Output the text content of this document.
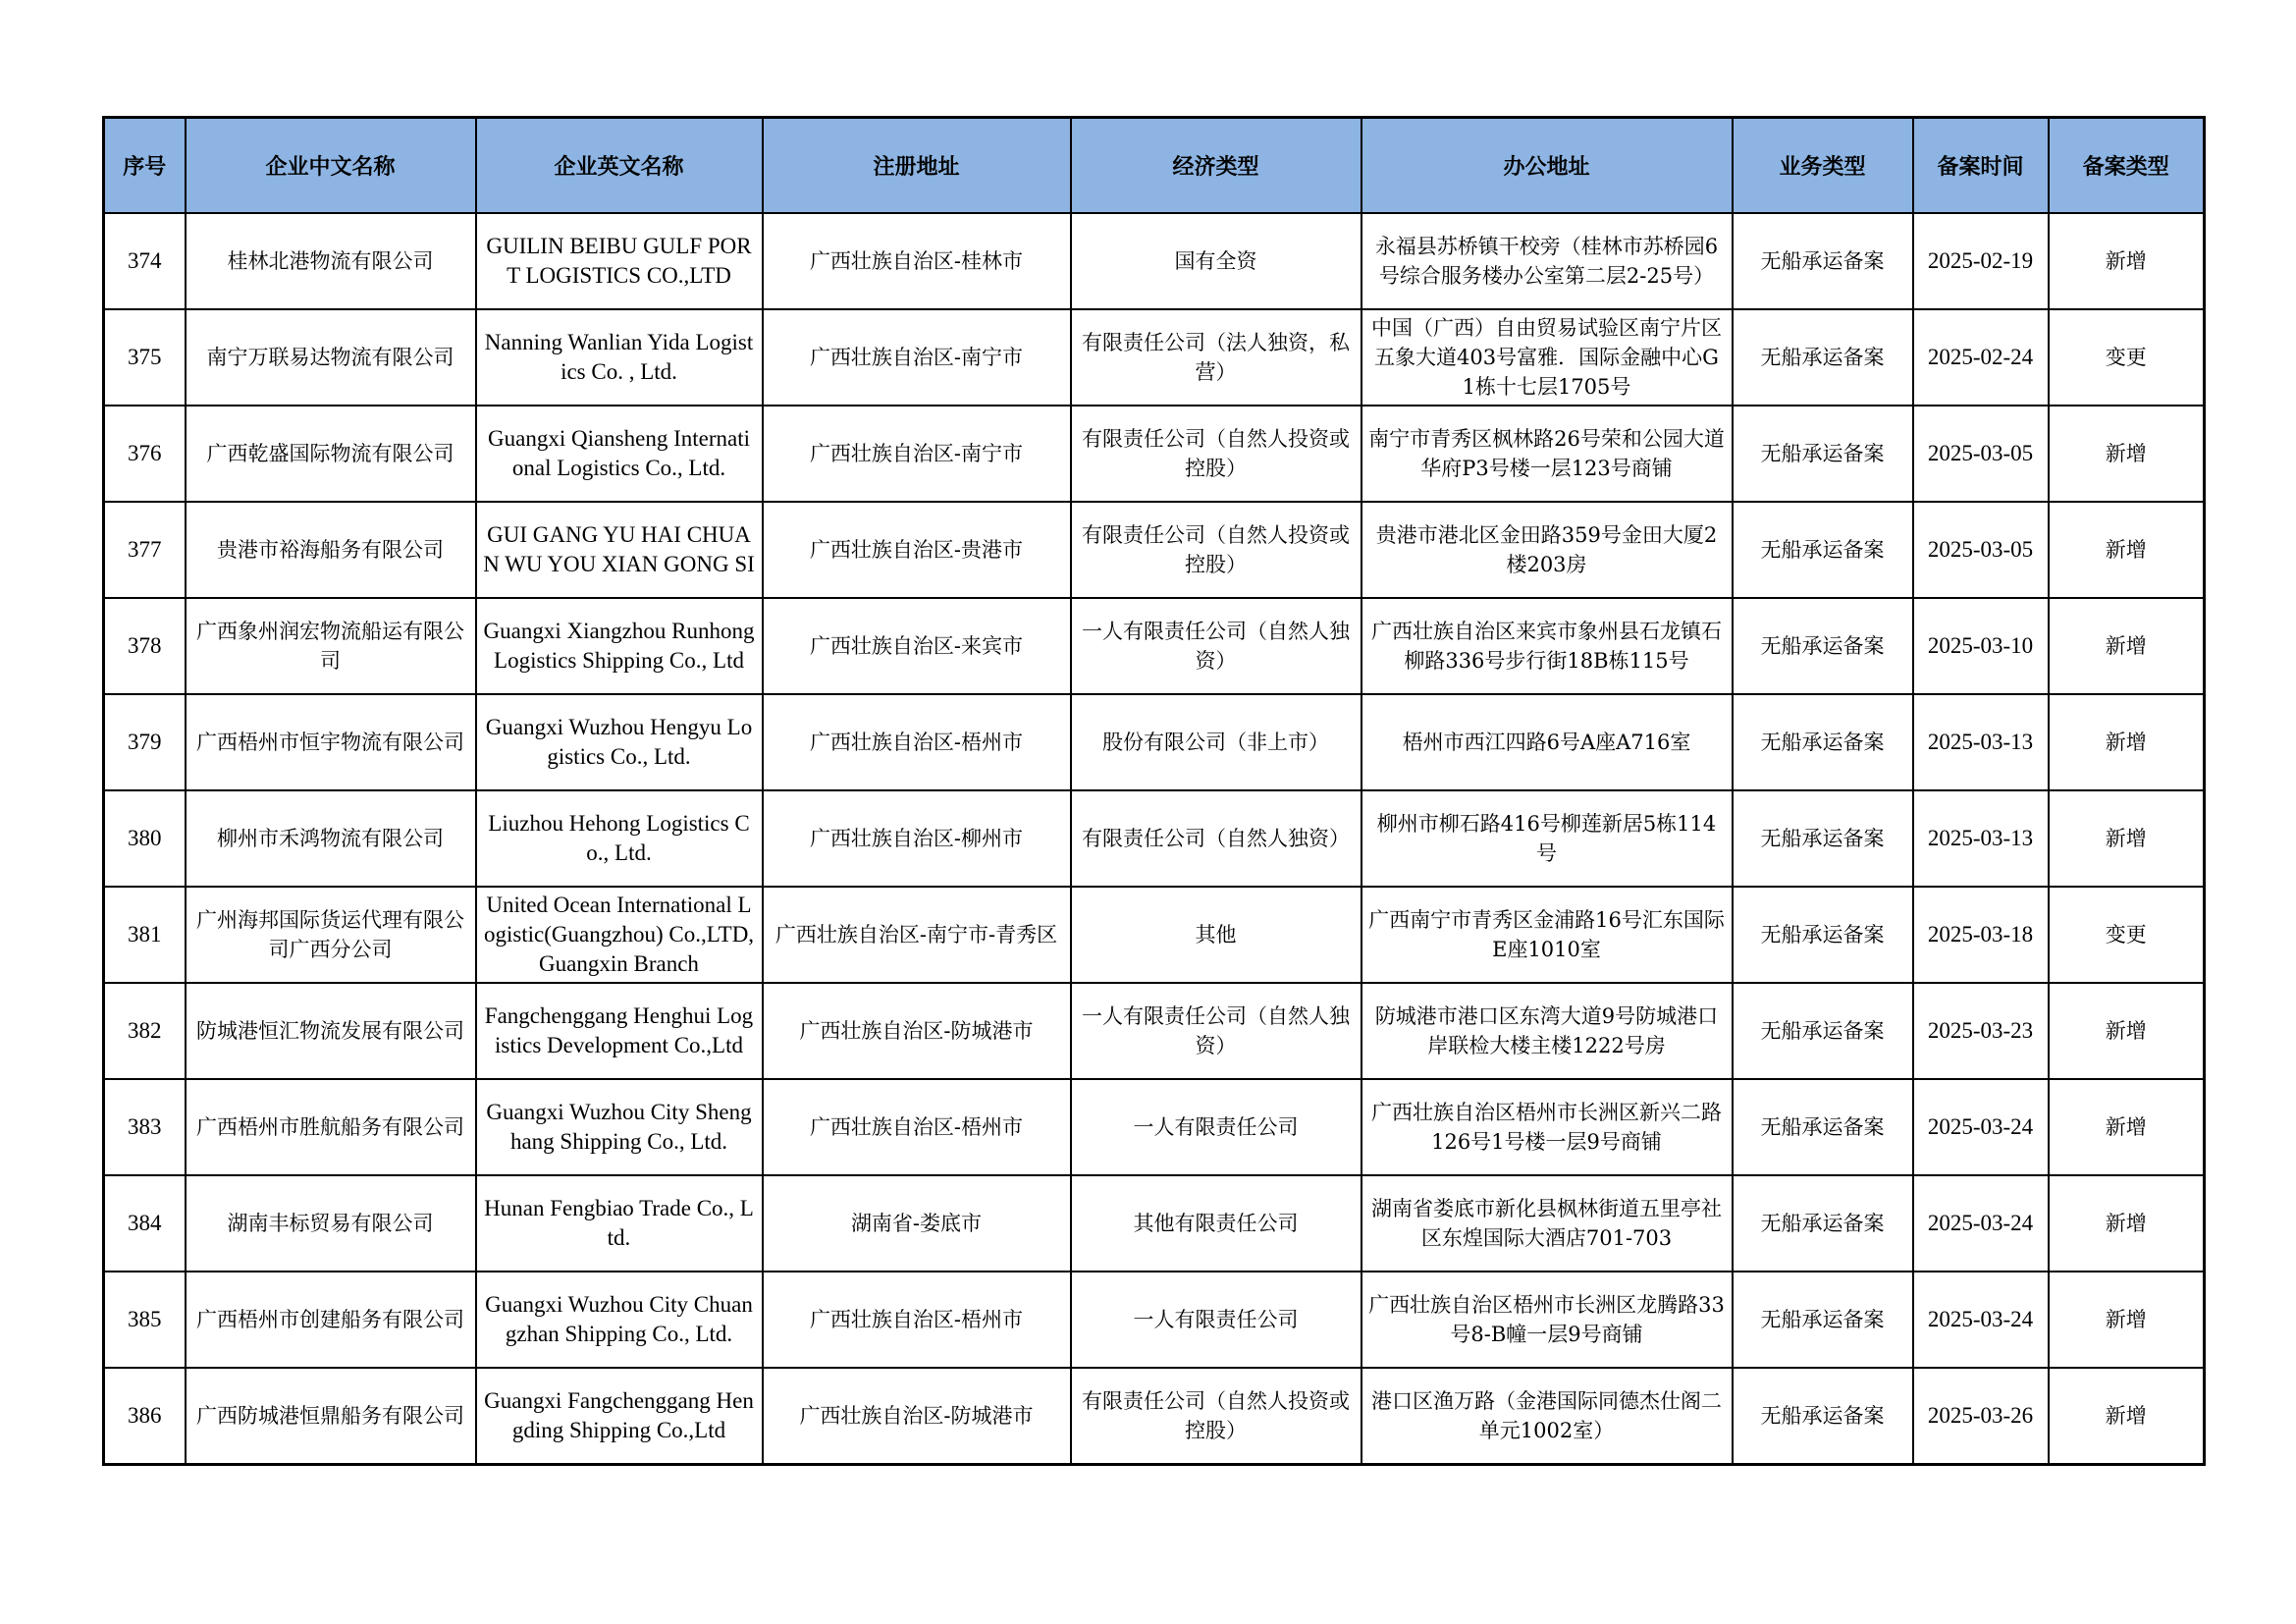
序号	企业中文名称	企业英文名称	注册地址	经济类型	办公地址	业务类型	备案时间	备案类型
374	桂林北港物流有限公司	GUILIN BEIBU GULF PORT LOGISTICS CO.,LTD	广西壮族自治区-桂林市	国有全资	永福县苏桥镇干校旁（桂林市苏桥园6号综合服务楼办公室第二层2-25号）	无船承运备案	2025-02-19	新增
375	南宁万联易达物流有限公司	Nanning Wanlian Yida Logistics Co. , Ltd.	广西壮族自治区-南宁市	有限责任公司（法人独资，私营）	中国（广西）自由贸易试验区南宁片区五象大道403号富雅．国际金融中心G1栋十七层1705号	无船承运备案	2025-02-24	变更
376	广西乾盛国际物流有限公司	Guangxi Qiansheng International Logistics Co., Ltd.	广西壮族自治区-南宁市	有限责任公司（自然人投资或控股）	南宁市青秀区枫林路26号荣和公园大道华府P3号楼一层123号商铺	无船承运备案	2025-03-05	新增
377	贵港市裕海船务有限公司	GUI GANG YU HAI CHUAN WU YOU XIAN GONG SI	广西壮族自治区-贵港市	有限责任公司（自然人投资或控股）	贵港市港北区金田路359号金田大厦2楼203房	无船承运备案	2025-03-05	新增
378	广西象州润宏物流船运有限公司	Guangxi Xiangzhou Runhong Logistics Shipping Co., Ltd	广西壮族自治区-来宾市	一人有限责任公司（自然人独资）	广西壮族自治区来宾市象州县石龙镇石柳路336号步行街18B栋115号	无船承运备案	2025-03-10	新增
379	广西梧州市恒宇物流有限公司	Guangxi Wuzhou Hengyu Logistics Co., Ltd.	广西壮族自治区-梧州市	股份有限公司（非上市）	梧州市西江四路6号A座A716室	无船承运备案	2025-03-13	新增
380	柳州市禾鸿物流有限公司	Liuzhou Hehong Logistics Co., Ltd.	广西壮族自治区-柳州市	有限责任公司（自然人独资）	柳州市柳石路416号柳莲新居5栋114号	无船承运备案	2025-03-13	新增
381	广州海邦国际货运代理有限公司广西分公司	United Ocean International Logistic(Guangzhou) Co.,LTD,Guangxin Branch	广西壮族自治区-南宁市-青秀区	其他	广西南宁市青秀区金浦路16号汇东国际E座1010室	无船承运备案	2025-03-18	变更
382	防城港恒汇物流发展有限公司	Fangchenggang Henghui Logistics Development Co.,Ltd	广西壮族自治区-防城港市	一人有限责任公司（自然人独资）	防城港市港口区东湾大道9号防城港口岸联检大楼主楼1222号房	无船承运备案	2025-03-23	新增
383	广西梧州市胜航船务有限公司	Guangxi Wuzhou City Shenghang Shipping Co., Ltd.	广西壮族自治区-梧州市	一人有限责任公司	广西壮族自治区梧州市长洲区新兴二路126号1号楼一层9号商铺	无船承运备案	2025-03-24	新增
384	湖南丰标贸易有限公司	Hunan Fengbiao Trade Co., Ltd.	湖南省-娄底市	其他有限责任公司	湖南省娄底市新化县枫林街道五里亭社区东煌国际大酒店701-703	无船承运备案	2025-03-24	新增
385	广西梧州市创建船务有限公司	Guangxi Wuzhou City Chuangzhan Shipping Co., Ltd.	广西壮族自治区-梧州市	一人有限责任公司	广西壮族自治区梧州市长洲区龙腾路33号8-B幢一层9号商铺	无船承运备案	2025-03-24	新增
386	广西防城港恒鼎船务有限公司	Guangxi Fangchenggang Hengding Shipping Co.,Ltd	广西壮族自治区-防城港市	有限责任公司（自然人投资或控股）	港口区渔万路（金港国际同德杰仕阁二单元1002室）	无船承运备案	2025-03-26	新增
